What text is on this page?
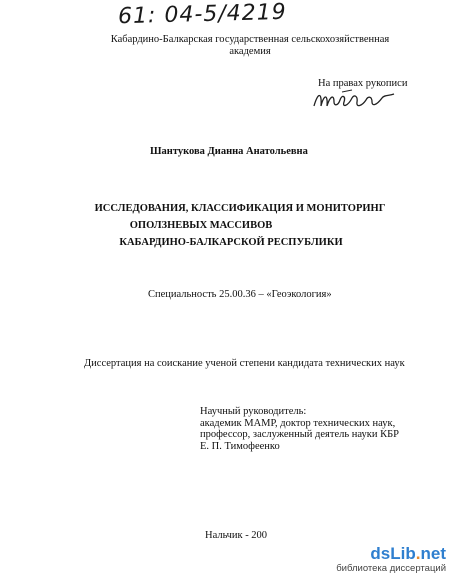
61: 04-5/4219
Кабардино-Балкарская государственная сельскохозяйственная
академия
На правах рукописи
Шантукова Дианна Анатольевна
ИССЛЕДОВАНИЯ, КЛАССИФИКАЦИЯ И МОНИТОРИНГ
ОПОЛЗНЕВЫХ МАССИВОВ
КАБАРДИНО-БАЛКАРСКОЙ РЕСПУБЛИКИ
Специальность 25.00.36 – «Геоэкология»
Диссертация на соискание ученой степени кандидата технических наук
Научный руководитель:
академик МАМР, доктор технических наук,
профессор, заслуженный деятель науки КБР
Е. П. Тимофеенко
Нальчик - 200
dsLib.net
библиотека диссертаций
